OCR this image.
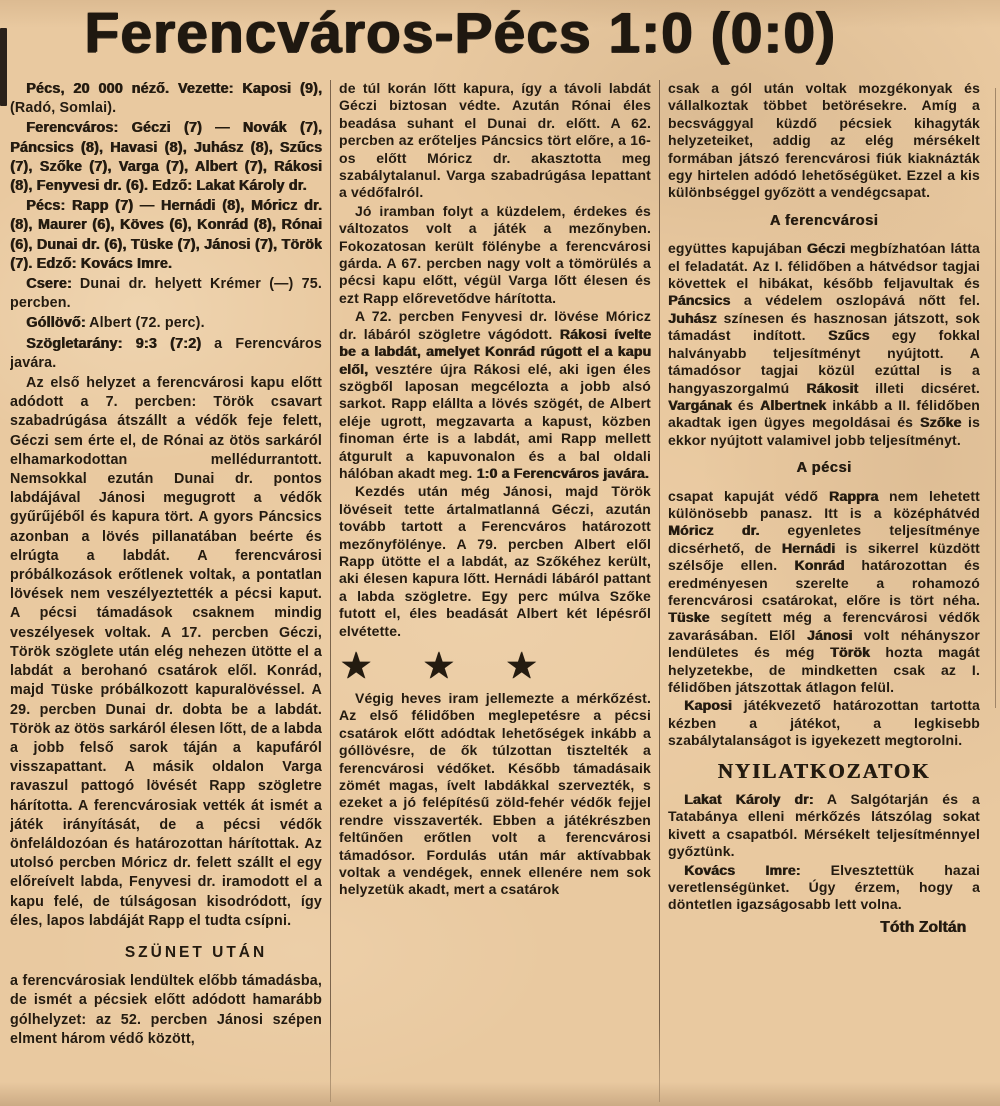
Ferencváros-Pécs 1:0 (0:0)

Pécs, 20 000 néző. Vezette: Kaposi (9), (Radó, Somlai).

Ferencváros: Géczi (7) — Novák (7), Páncsics (8), Havasi (8), Juhász (8), Szűcs (7), Szőke (7), Varga (7), Albert (7), Rákosi (8), Fenyvesi dr. (6). Edző: Lakat Károly dr.

Pécs: Rapp (7) — Hernádi (8), Móricz dr. (8), Maurer (6), Köves (6), Konrád (8), Rónai (6), Dunai dr. (6), Tüske (7), Jánosi (7), Török (7). Edző: Kovács Imre.

Csere: Dunai dr. helyett Krémer (—) 75. percben.

Góllövő: Albert (72. perc).

Szögletarány: 9:3 (7:2) a Ferencváros javára.

Az első helyzet a ferencvárosi kapu előtt adódott a 7. percben: Török csavart szabadrúgása átszállt a védők feje felett, Géczi sem érte el, de Rónai az ötös sarkáról elhamarkodottan mellédurrantott. Nemsokkal ezután Dunai dr. pontos labdájával Jánosi megugrott a védők gyűrűjéből és kapura tört. A gyors Páncsics azonban a lövés pillanatában beérte és elrúgta a labdát. A ferencvárosi próbálkozások erőtlenek voltak, a pontatlan lövések nem veszélyeztették a pécsi kaput. A pécsi támadások csaknem mindig veszélyesek voltak. A 17. percben Géczi, Török szöglete után elég nehezen ütötte el a labdát a berohanó csatárok elől. Konrád, majd Tüske próbálkozott kapuralövéssel. A 29. percben Dunai dr. dobta be a labdát. Török az ötös sarkáról élesen lőtt, de a labda a jobb felső sarok táján a kapufáról visszapattant. A másik oldalon Varga ravaszul pattogó lövését Rapp szögletre hárította. A ferencvárosiak vették át ismét a játék irányítását, de a pécsi védők önfeláldozóan és határozottan hárítottak. Az utolsó percben Móricz dr. felett szállt el egy előreívelt labda, Fenyvesi dr. iramodott el a kapu felé, de túlságosan kisodródott, így éles, lapos labdáját Rapp el tudta csípni.

SZÜNET UTÁN

a ferencvárosiak lendültek előbb támadásba, de ismét a pécsiek előtt adódott hamarább gólhelyzet: az 52. percben Jánosi szépen elment három védő között,

de túl korán lőtt kapura, így a távoli labdát Géczi biztosan védte. Azután Rónai éles beadása suhant el Dunai dr. előtt. A 62. percben az erőteljes Páncsics tört előre, a 16-os előtt Móricz dr. akasztotta meg szabálytalanul. Varga szabadrúgása lepattant a védőfalról.

Jó iramban folyt a küzdelem, érdekes és változatos volt a játék a mezőnyben. Fokozatosan került fölénybe a ferencvárosi gárda. A 67. percben nagy volt a tömörülés a pécsi kapu előtt, végül Varga lőtt élesen és ezt Rapp előrevetődve hárította.

A 72. percben Fenyvesi dr. lövése Móricz dr. lábáról szögletre vágódott. Rákosi ívelte be a labdát, amelyet Konrád rúgott el a kapu elől, vesztére újra Rákosi elé, aki igen éles szögből laposan megcélozta a jobb alsó sarkot. Rapp elállta a lövés szögét, de Albert eléje ugrott, megzavarta a kapust, közben finoman érte is a labdát, ami Rapp mellett átgurult a kapuvonalon és a bal oldali hálóban akadt meg. 1:0 a Ferencváros javára.

Kezdés után még Jánosi, majd Török lövéseit tette ártalmatlanná Géczi, azután tovább tartott a Ferencváros határozott mezőnyfölénye. A 79. percben Albert elől Rapp ütötte el a labdát, az Szőkéhez került, aki élesen kapura lőtt. Hernádi lábáról pattant a labda szögletre. Egy perc múlva Szőke futott el, éles beadását Albert két lépésről elvétette.

★ ★ ★

Végig heves iram jellemezte a mérkőzést. Az első félidőben meglepetésre a pécsi csatárok előtt adódtak lehetőségek inkább a góllövésre, de ők túlzottan tisztelték a ferencvárosi védőket. Később támadásaik zömét magas, ívelt labdákkal szervezték, s ezeket a jó felépítésű zöld-fehér védők fejjel rendre visszaverték. Ebben a játékrészben feltűnően erőtlen volt a ferencvárosi támadósor. Fordulás után már aktívabbak voltak a vendégek, ennek ellenére nem sok helyzetük akadt, mert a csatárok

csak a gól után voltak mozgékonyak és vállalkoztak többet betörésekre. Amíg a becsvággyal küzdő pécsiek kihagyták helyzeteiket, addig az elég mérsékelt formában játszó ferencvárosi fiúk kiaknázták egy hirtelen adódó lehetőségüket. Ezzel a kis különbséggel győzött a vendégcsapat.

A ferencvárosi

együttes kapujában Géczi megbízhatóan látta el feladatát. Az I. félidőben a hátvédsor tagjai követtek el hibákat, később feljavultak és Páncsics a védelem oszlopává nőtt fel. Juhász színesen és hasznosan játszott, sok támadást indított. Szűcs egy fokkal halványabb teljesítményt nyújtott. A támadósor tagjai közül ezúttal is a hangyaszorgalmú Rákosit illeti dicséret. Vargának és Albertnek inkább a II. félidőben akadtak igen ügyes megoldásai és Szőke is ekkor nyújtott valamivel jobb teljesítményt.

A pécsi

csapat kapuját védő Rappra nem lehetett különösebb panasz. Itt is a középhátvéd Móricz dr. egyenletes teljesítménye dicsérhető, de Hernádi is sikerrel küzdött szélsője ellen. Konrád határozottan és eredményesen szerelte a rohamozó ferencvárosi csatárokat, előre is tört néha. Tüske segített még a ferencvárosi védők zavarásában. Elől Jánosi volt néhányszor lendületes és még Török hozta magát helyzetekbe, de mindketten csak az I. félidőben játszottak átlagon felül.

Kaposi játékvezető határozottan tartotta kézben a játékot, a legkisebb szabálytalanságot is igyekezett megtorolni.

NYILATKOZATOK

Lakat Károly dr: A Salgótarján és a Tatabánya elleni mérkőzés látszólag sokat kivett a csapatból. Mérsékelt teljesítménnyel győztünk.

Kovács Imre: Elvesztettük hazai veretlenségünket. Úgy érzem, hogy a döntetlen igazságosabb lett volna.

Tóth Zoltán
